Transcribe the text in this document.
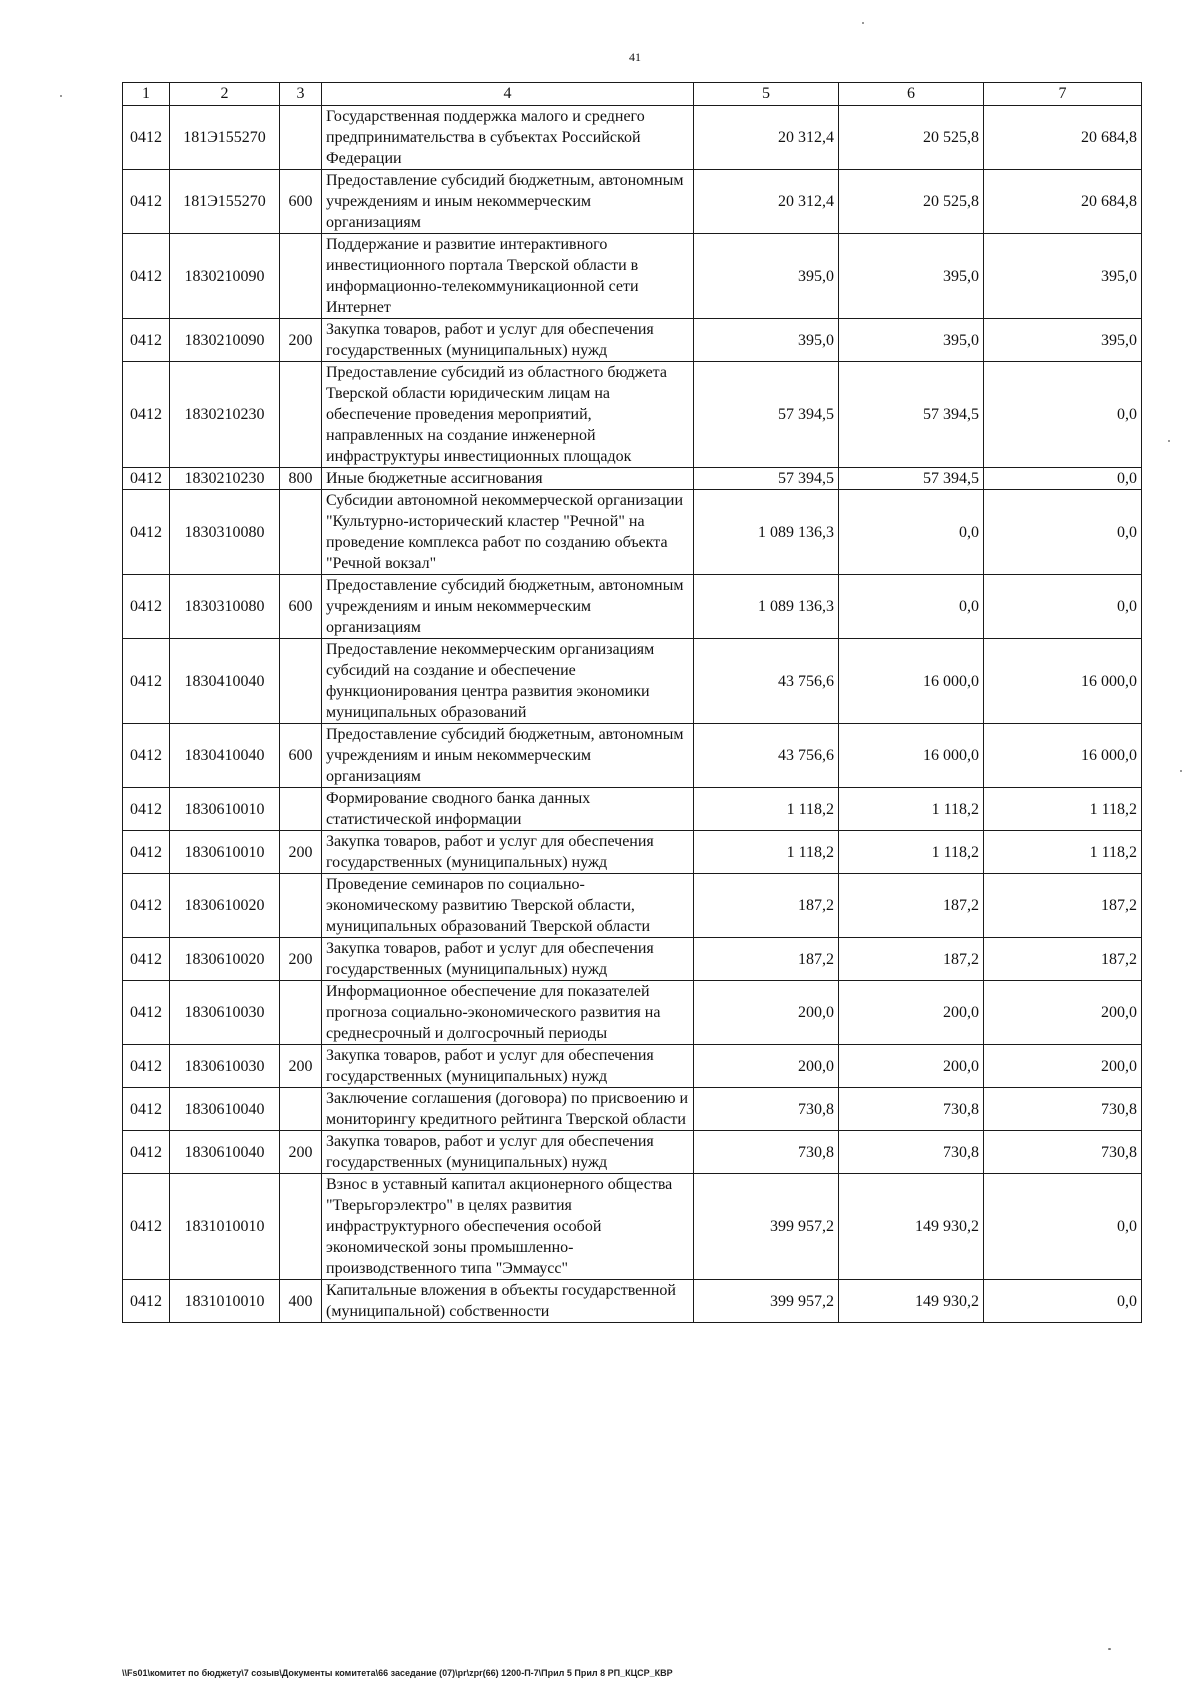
41
1	2	3	4	5	6	7
0412	181Э155270		Государственная поддержка малого и среднего предпринимательства в субъектах Российской Федерации	20 312,4	20 525,8	20 684,8
0412	181Э155270	600	Предоставление субсидий бюджетным, автономным учреждениям и иным некоммерческим организациям	20 312,4	20 525,8	20 684,8
0412	1830210090		Поддержание и развитие интерактивного инвестиционного портала Тверской области в информационно-телекоммуникационной сети Интернет	395,0	395,0	395,0
0412	1830210090	200	Закупка товаров, работ и услуг для обеспечения государственных (муниципальных) нужд	395,0	395,0	395,0
0412	1830210230		Предоставление субсидий из областного бюджета Тверской области юридическим лицам на обеспечение проведения мероприятий, направленных на создание инженерной инфраструктуры инвестиционных площадок	57 394,5	57 394,5	0,0
0412	1830210230	800	Иные бюджетные ассигнования	57 394,5	57 394,5	0,0
0412	1830310080		Субсидии автономной некоммерческой организации "Культурно-исторический кластер "Речной" на проведение комплекса работ по созданию объекта "Речной вокзал"	1 089 136,3	0,0	0,0
0412	1830310080	600	Предоставление субсидий бюджетным, автономным учреждениям и иным некоммерческим организациям	1 089 136,3	0,0	0,0
0412	1830410040		Предоставление некоммерческим организациям субсидий на создание и обеспечение функционирования центра развития экономики муниципальных образований	43 756,6	16 000,0	16 000,0
0412	1830410040	600	Предоставление субсидий бюджетным, автономным учреждениям и иным некоммерческим организациям	43 756,6	16 000,0	16 000,0
0412	1830610010		Формирование сводного банка данных статистической информации	1 118,2	1 118,2	1 118,2
0412	1830610010	200	Закупка товаров, работ и услуг для обеспечения государственных (муниципальных) нужд	1 118,2	1 118,2	1 118,2
0412	1830610020		Проведение семинаров по социально-экономическому развитию Тверской области, муниципальных образований Тверской области	187,2	187,2	187,2
0412	1830610020	200	Закупка товаров, работ и услуг для обеспечения государственных (муниципальных) нужд	187,2	187,2	187,2
0412	1830610030		Информационное обеспечение для показателей прогноза социально-экономического развития на среднесрочный и долгосрочный периоды	200,0	200,0	200,0
0412	1830610030	200	Закупка товаров, работ и услуг для обеспечения государственных (муниципальных) нужд	200,0	200,0	200,0
0412	1830610040		Заключение соглашения (договора) по присвоению и мониторингу кредитного рейтинга Тверской области	730,8	730,8	730,8
0412	1830610040	200	Закупка товаров, работ и услуг для обеспечения государственных (муниципальных) нужд	730,8	730,8	730,8
0412	1831010010		Взнос в уставный капитал акционерного общества "Тверьгорэлектро" в целях развития инфраструктурного обеспечения особой экономической зоны промышленно-производственного типа "Эммаусс"	399 957,2	149 930,2	0,0
0412	1831010010	400	Капитальные вложения в объекты государственной (муниципальной) собственности	399 957,2	149 930,2	0,0
\\Fs01\комитет по бюджету\7 созыв\Документы комитета\66 заседание (07)\pr\zpr(66) 1200-П-7\Прил 5 Прил 8 РП_КЦСР_КВР
